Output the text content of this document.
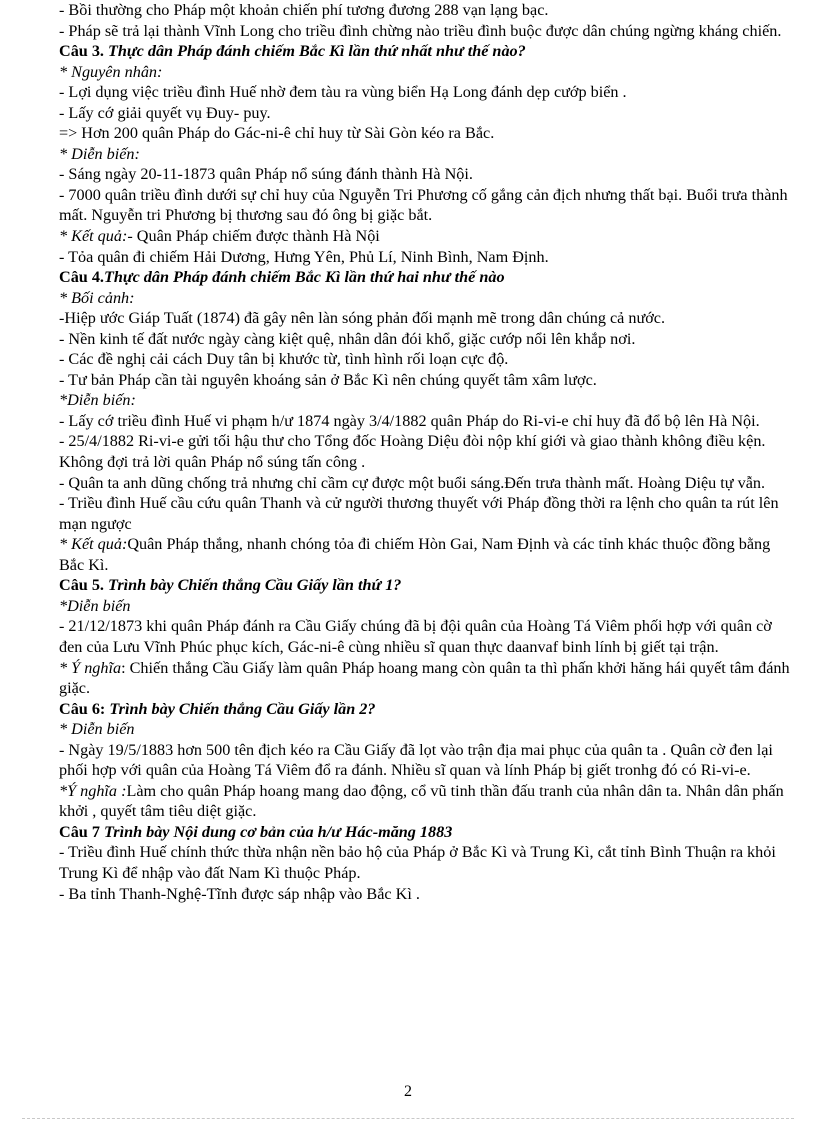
- Bồi thường cho Pháp một khoản chiến phí tương đương 288 vạn lạng bạc.
- Pháp sẽ trả lại thành Vĩnh Long cho triều đình chừng nào triều đình buộc được dân chúng ngừng kháng chiến.
Câu 3. Thực dân Pháp đánh chiếm Bắc Kì lần thứ nhất như thế nào?
* Nguyên nhân:
- Lợi dụng việc triều đình Huế nhờ đem tàu ra vùng biển Hạ Long đánh dẹp cướp biển .
- Lấy cớ giải quyết vụ Đuy- puy.
=> Hơn 200 quân Pháp do Gác-ni-ê chỉ huy từ Sài Gòn kéo ra Bắc.
* Diễn biến:
- Sáng ngày 20-11-1873 quân Pháp nổ súng đánh thành Hà Nội.
- 7000 quân triều đình dưới sự chỉ huy của Nguyễn Tri Phương cố gắng cản địch nhưng thất bại. Buổi trưa thành mất. Nguyễn tri Phương bị thương sau đó ông bị giặc bắt.
* Kết quả:- Quân Pháp chiếm được thành Hà Nội
- Tỏa quân đi chiếm Hải Dương, Hưng Yên, Phủ Lí, Ninh Bình, Nam Định.
Câu 4.Thực dân Pháp đánh chiếm Bắc Kì lần thứ hai như thế nào
* Bối cảnh:
-Hiệp ước Giáp Tuất (1874) đã gây nên làn sóng phản đối mạnh mẽ trong dân chúng cả nước.
- Nền kinh tế đất nước ngày càng kiệt quệ, nhân dân đói khổ, giặc cướp nổi lên khắp nơi.
- Các đề nghị cải cách Duy tân bị khước từ, tình hình rối loạn cực độ.
- Tư bản Pháp cần tài nguyên khoáng sản ở Bắc Kì nên chúng quyết tâm xâm lược.
*Diễn biến:
- Lấy cớ triều đình Huế vi phạm h/ư 1874 ngày 3/4/1882 quân Pháp do Ri-vi-e chỉ huy đã đổ bộ lên Hà Nội.
- 25/4/1882 Ri-vi-e gửi tối hậu thư cho Tổng đốc Hoàng Diệu đòi nộp khí giới và giao thành không điều kện.
Không đợi trả lời quân Pháp nổ súng tấn công .
- Quân ta anh dũng chống trả nhưng chỉ cầm cự được một buổi sáng.Đến trưa thành mất. Hoàng Diệu tự vẫn.
- Triều đình Huế cầu cứu quân Thanh và cử người thương thuyết với Pháp đồng thời ra lệnh cho quân ta rút lên mạn ngược
* Kết quả:Quân Pháp thắng, nhanh chóng tỏa đi chiếm Hòn Gai, Nam Định và các tỉnh khác thuộc đồng bằng Bắc Kì.
Câu 5. Trình bày Chiến thắng Cầu Giấy lần thứ 1?
*Diễn biến
- 21/12/1873 khi quân Pháp đánh ra Cầu Giấy chúng đã bị đội quân của Hoàng Tá Viêm phối hợp với quân cờ đen của Lưu Vĩnh Phúc phục kích, Gác-ni-ê cùng nhiều sĩ quan thực daanvaf binh lính bị giết tại trận.
* Ý nghĩa: Chiến thắng Cầu Giấy làm quân Pháp hoang mang còn quân ta thì phấn khởi hăng hái quyết tâm đánh giặc.
Câu 6: Trình bày Chiến thắng Cầu Giấy lần 2?
* Diễn biến
- Ngày 19/5/1883 hơn 500 tên địch kéo ra Cầu Giấy đã lọt vào trận địa mai phục của quân ta . Quân cờ đen lại phối hợp với quân của Hoàng Tá Viêm đổ ra đánh. Nhiều sĩ quan và lính Pháp bị giết tronhg đó có Ri-vi-e.
*Ý nghĩa :Làm cho quân Pháp hoang mang dao động, cổ vũ tinh thần đấu tranh của nhân dân ta. Nhân dân phấn khởi , quyết tâm tiêu diệt giặc.
Câu 7 Trình bày Nội dung cơ bản của h/ư Hác-măng 1883
- Triều đình Huế chính thức thừa nhận nền bảo hộ của Pháp ở Bắc Kì và Trung Kì, cắt tỉnh Bình Thuận ra khỏi Trung Kì để nhập vào đất Nam Kì thuộc Pháp.
- Ba tỉnh Thanh-Nghệ-Tĩnh được sáp nhập vào Bắc Kì .
2
